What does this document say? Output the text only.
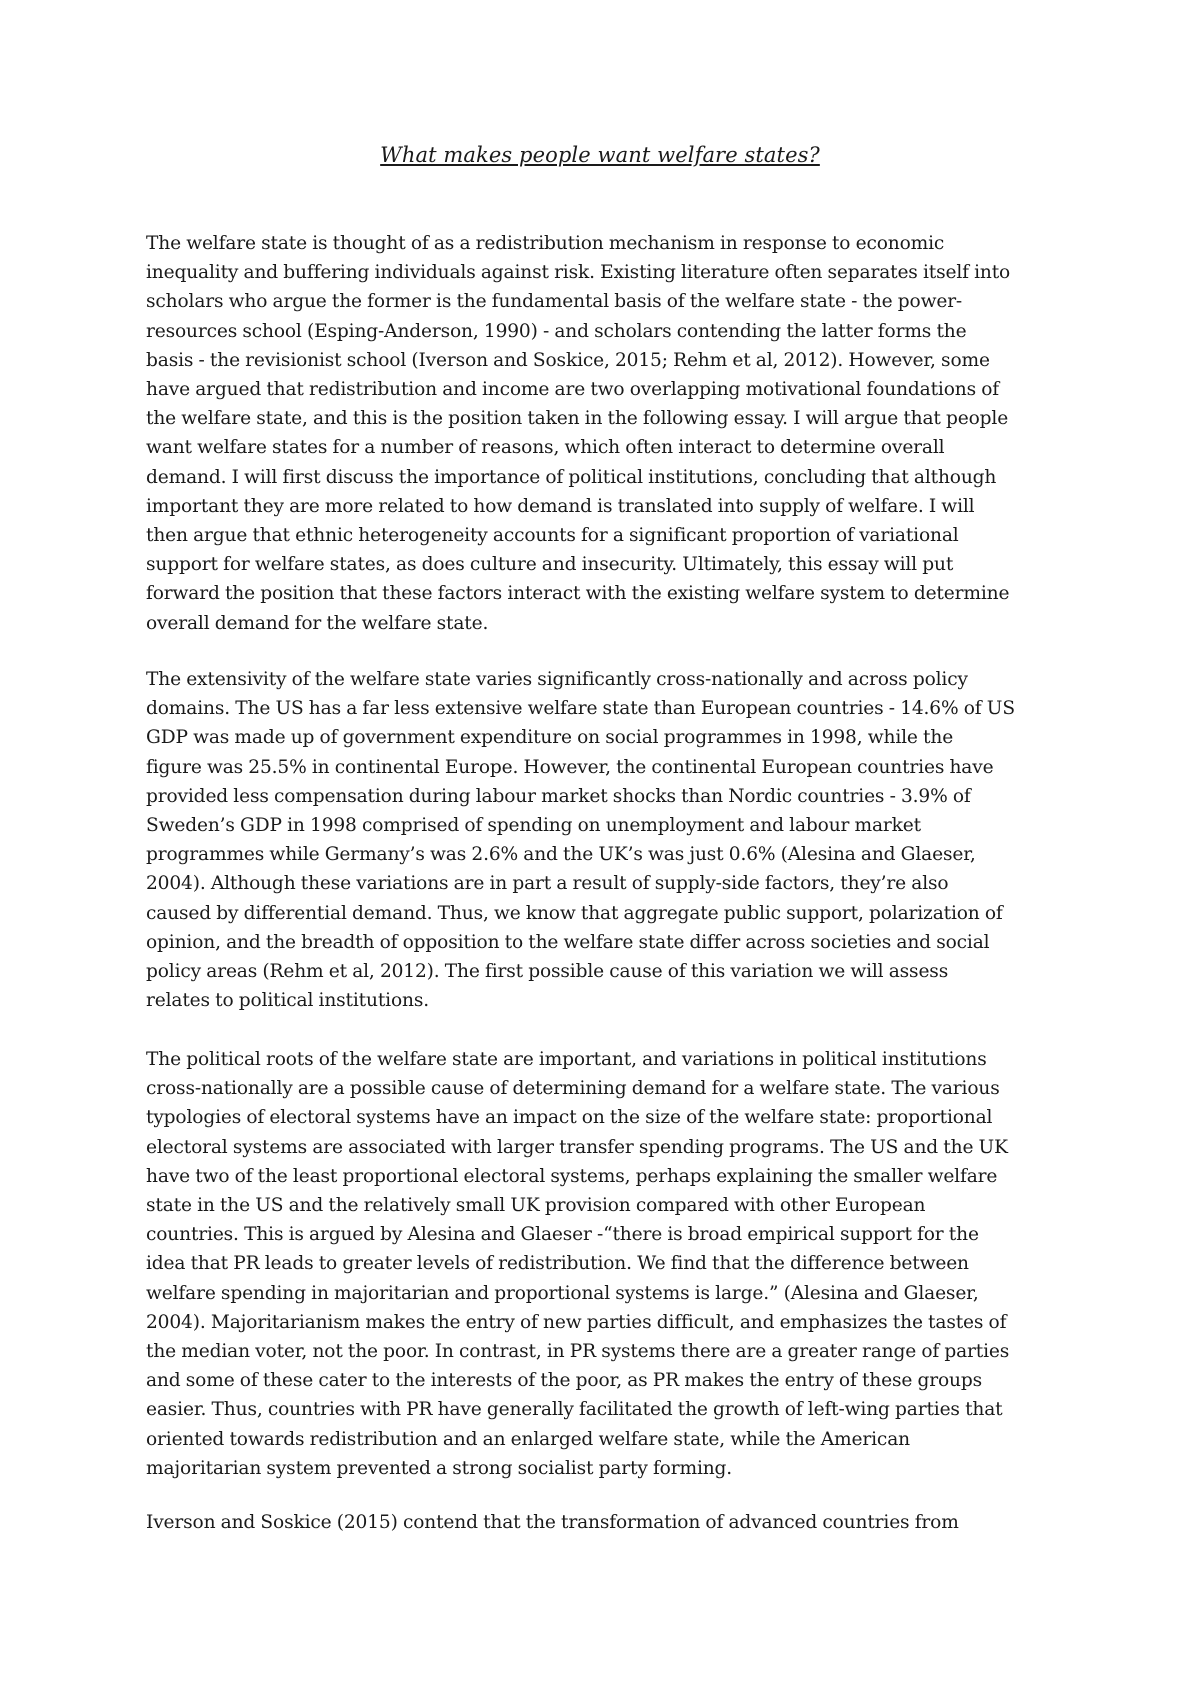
What makes people want welfare states?

The welfare state is thought of as a redistribution mechanism in response to economic
inequality and buffering individuals against risk. Existing literature often separates itself into
scholars who argue the former is the fundamental basis of the welfare state - the power-
resources school (Esping-Anderson, 1990) - and scholars contending the latter forms the
basis - the revisionist school (Iverson and Soskice, 2015; Rehm et al, 2012). However, some
have argued that redistribution and income are two overlapping motivational foundations of
the welfare state, and this is the position taken in the following essay. I will argue that people
want welfare states for a number of reasons, which often interact to determine overall
demand. I will first discuss the importance of political institutions, concluding that although
important they are more related to how demand is translated into supply of welfare. I will
then argue that ethnic heterogeneity accounts for a significant proportion of variational
support for welfare states, as does culture and insecurity. Ultimately, this essay will put
forward the position that these factors interact with the existing welfare system to determine
overall demand for the welfare state.

The extensivity of the welfare state varies significantly cross-nationally and across policy
domains. The US has a far less extensive welfare state than European countries - 14.6% of US
GDP was made up of government expenditure on social programmes in 1998, while the
figure was 25.5% in continental Europe. However, the continental European countries have
provided less compensation during labour market shocks than Nordic countries - 3.9% of
Sweden’s GDP in 1998 comprised of spending on unemployment and labour market
programmes while Germany’s was 2.6% and the UK’s was just 0.6% (Alesina and Glaeser,
2004). Although these variations are in part a result of supply-side factors, they’re also
caused by differential demand. Thus, we know that aggregate public support, polarization of
opinion, and the breadth of opposition to the welfare state differ across societies and social
policy areas (Rehm et al, 2012). The first possible cause of this variation we will assess
relates to political institutions.

The political roots of the welfare state are important, and variations in political institutions
cross-nationally are a possible cause of determining demand for a welfare state. The various
typologies of electoral systems have an impact on the size of the welfare state: proportional
electoral systems are associated with larger transfer spending programs. The US and the UK
have two of the least proportional electoral systems, perhaps explaining the smaller welfare
state in the US and the relatively small UK provision compared with other European
countries. This is argued by Alesina and Glaeser -“there is broad empirical support for the
idea that PR leads to greater levels of redistribution. We find that the difference between
welfare spending in majoritarian and proportional systems is large.” (Alesina and Glaeser,
2004). Majoritarianism makes the entry of new parties difficult, and emphasizes the tastes of
the median voter, not the poor. In contrast, in PR systems there are a greater range of parties
and some of these cater to the interests of the poor, as PR makes the entry of these groups
easier. Thus, countries with PR have generally facilitated the growth of left-wing parties that
oriented towards redistribution and an enlarged welfare state, while the American
majoritarian system prevented a strong socialist party forming.

Iverson and Soskice (2015) contend that the transformation of advanced countries from
